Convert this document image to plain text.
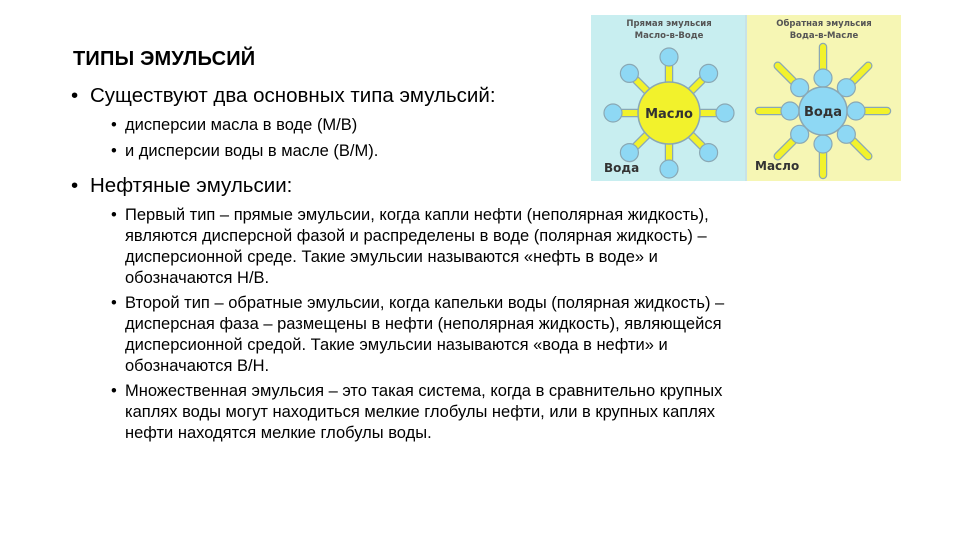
ТИПЫ ЭМУЛЬСИЙ
• Существуют два основных типа эмульсий:
• дисперсии масла в воде (М/В)
• и дисперсии воды в масле (В/М).
• Нефтяные эмульсии:
• Первый тип – прямые эмульсии, когда капли нефти (неполярная жидкость),
являются дисперсной фазой и распределены в воде (полярная жидкость) –
дисперсионной среде. Такие эмульсии называются «нефть в воде» и
обозначаются Н/В.
• Второй тип – обратные эмульсии, когда капельки воды (полярная жидкость) –
дисперсная фаза – размещены в нефти (неполярная жидкость), являющейся
дисперсионной средой. Такие эмульсии называются «вода в нефти» и
обозначаются В/Н.
• Множественная эмульсия – это такая система, когда в сравнительно крупных
каплях воды могут находиться мелкие глобулы нефти, или в крупных каплях
нефти находятся мелкие глобулы воды.
Прямая эмульсия
Масло-в-Воде
Обратная эмульсия
Вода-в-Масле
Масло	Вода
Вода	Масло
